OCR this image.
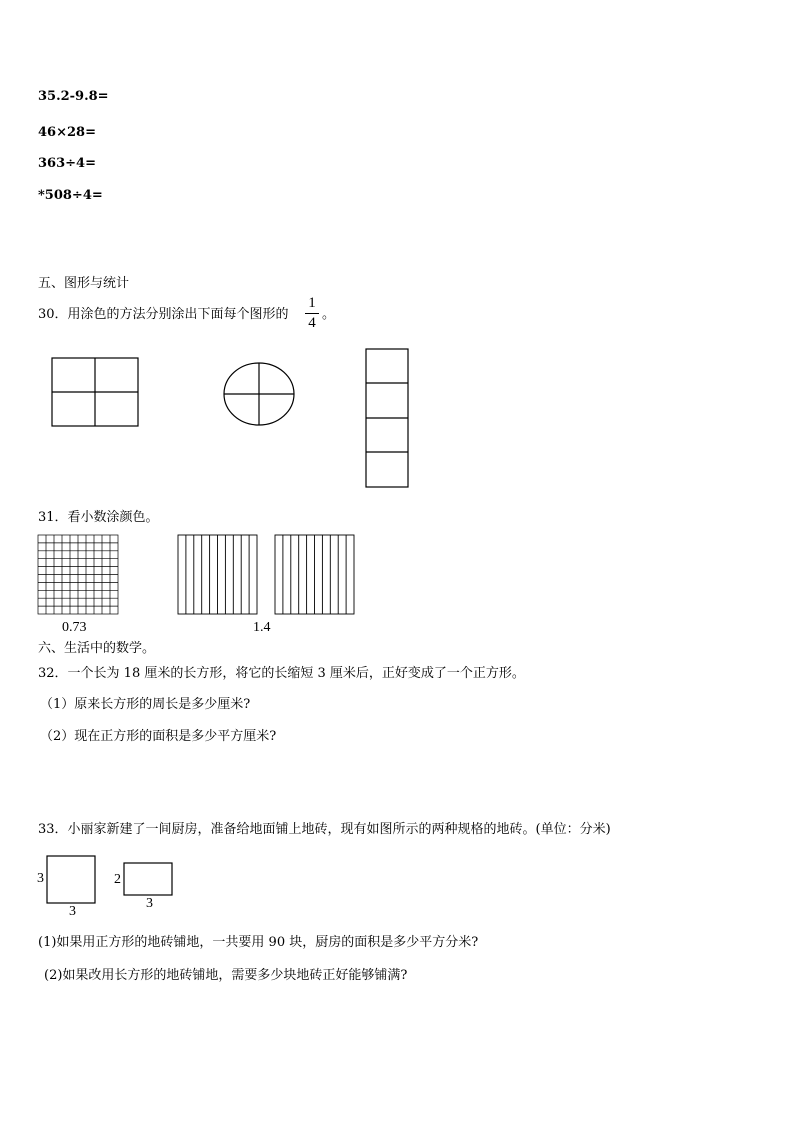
35.2-9.8=
46×28=
363÷4=
*508÷4=
五、图形与统计
30．用涂色的方法分别涂出下面每个图形的
1
4
。
31．看小数涂颜色。
0.73	1.4
六、生活中的数学。
32．一个长为 18 厘米的长方形，将它的长缩短 3 厘米后，正好变成了一个正方形。
（1）原来长方形的周长是多少厘米?
（2）现在正方形的面积是多少平方厘米?
33．小丽家新建了一间厨房，准备给地面铺上地砖，现有如图所示的两种规格的地砖。(单位：分米)
3
3
2
3
(1)如果用正方形的地砖铺地，一共要用 90 块，厨房的面积是多少平方分米?
(2)如果改用长方形的地砖铺地，需要多少块地砖正好能够铺满?
